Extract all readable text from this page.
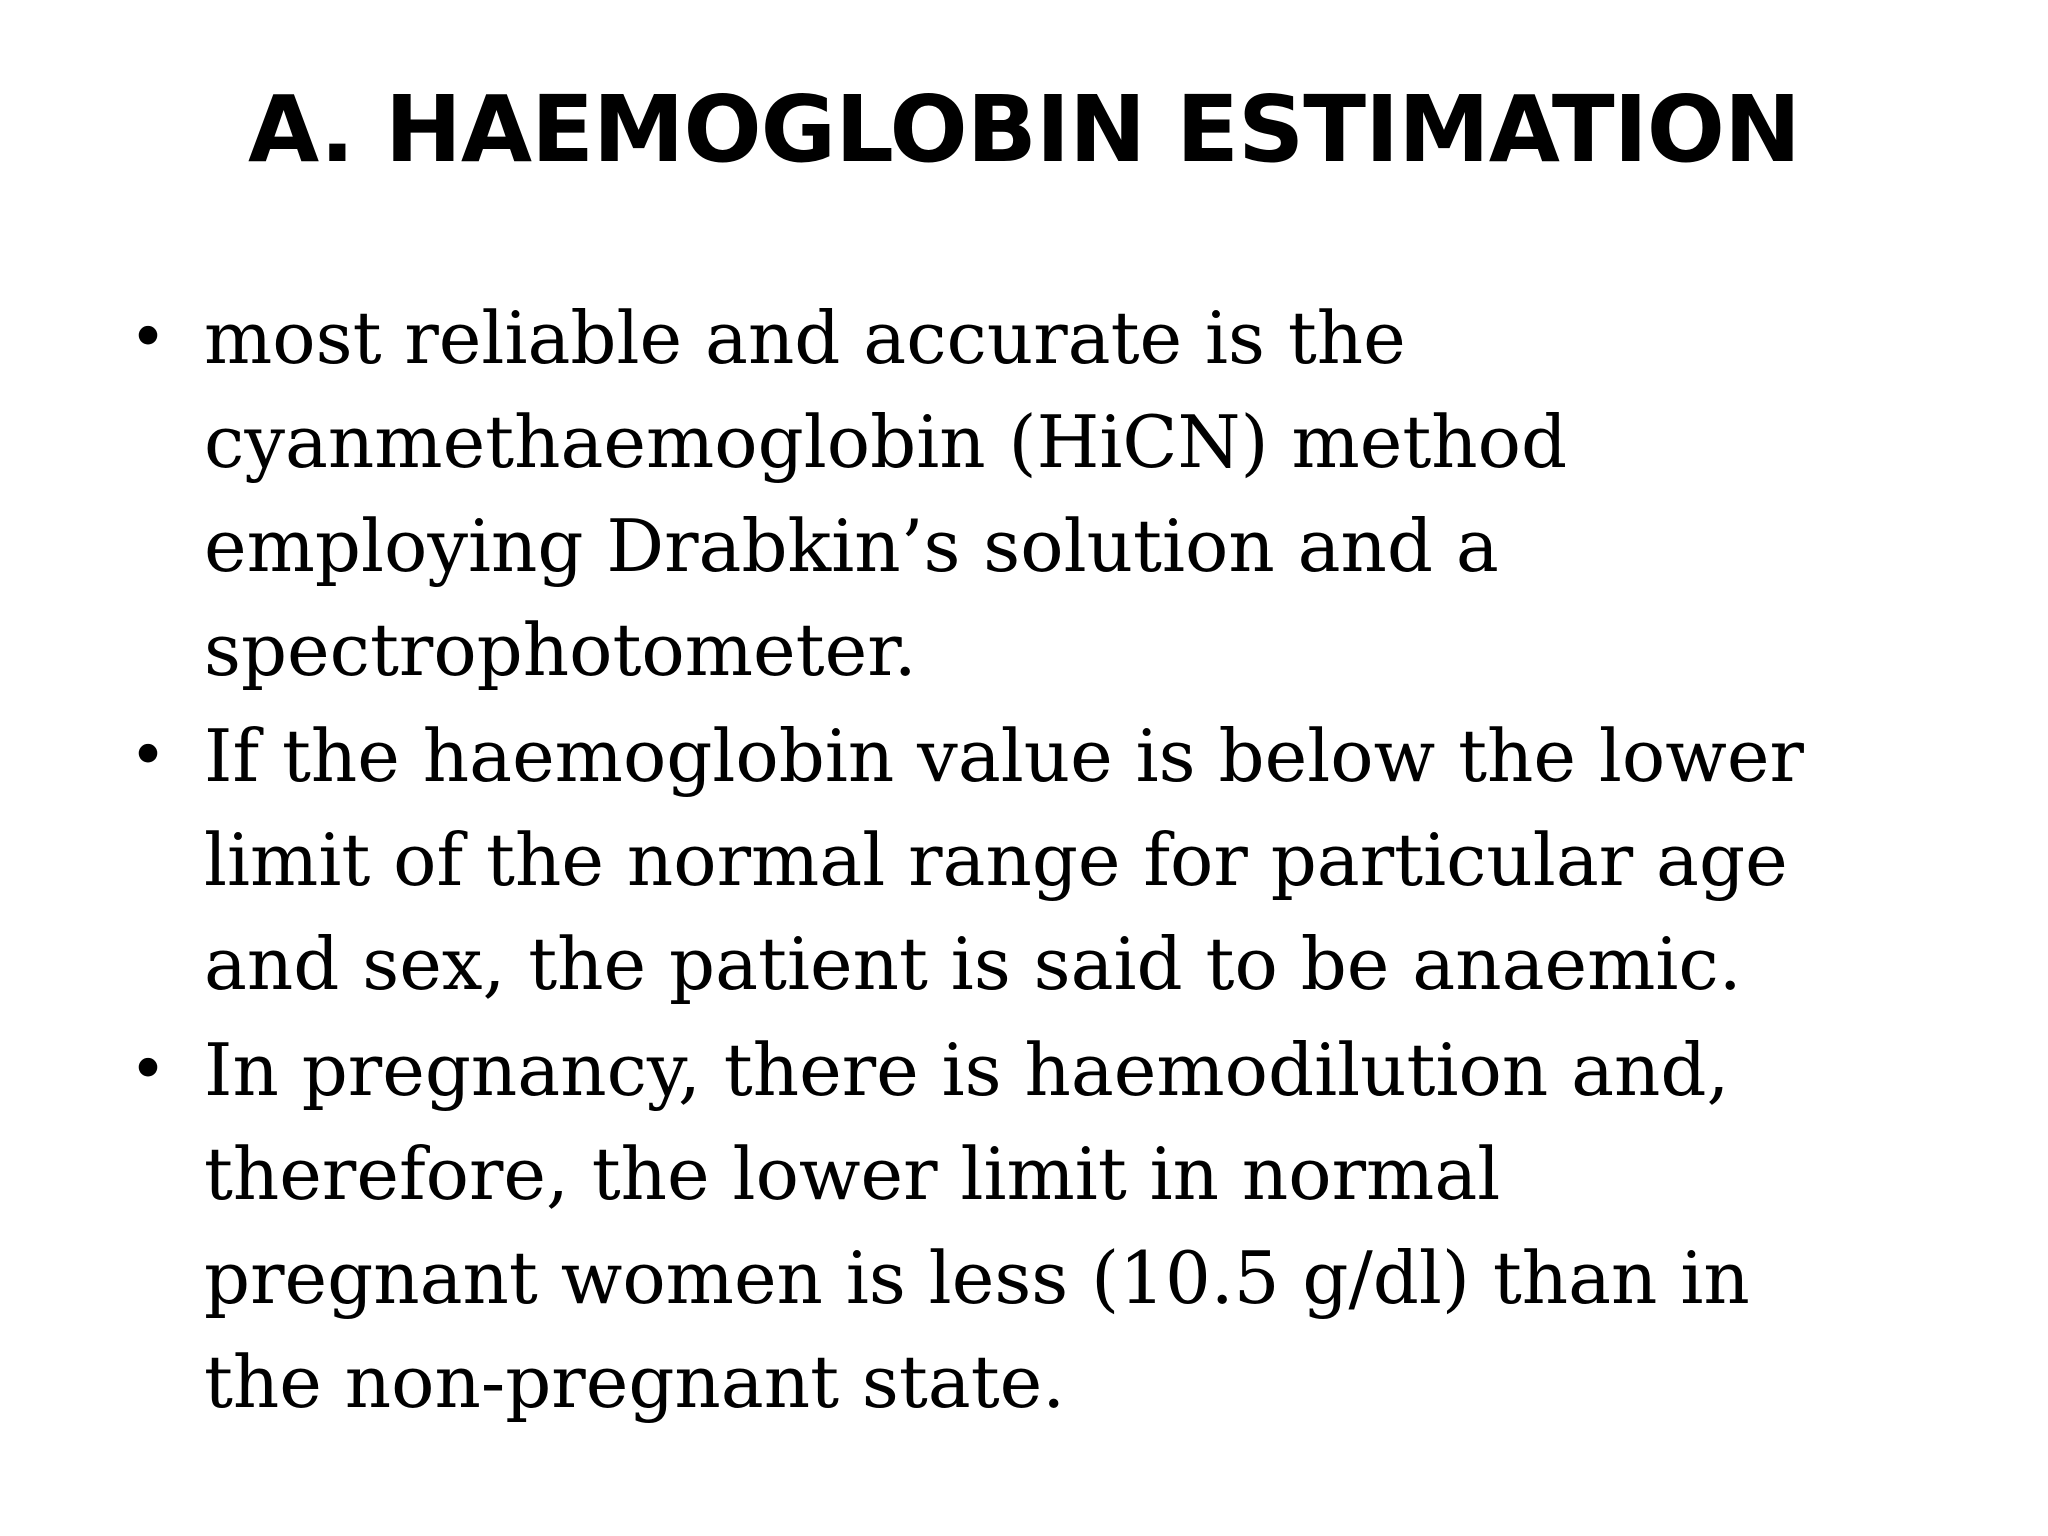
A. HAEMOGLOBIN ESTIMATION
• most reliable and accurate is the
cyanmethaemoglobin (HiCN) method
employing Drabkin’s solution and a
spectrophotometer.
• If the haemoglobin value is below the lower
limit of the normal range for particular age
and sex, the patient is said to be anaemic.
• In pregnancy, there is haemodilution and,
therefore, the lower limit in normal
pregnant women is less (10.5 g/dl) than in
the non-pregnant state.
